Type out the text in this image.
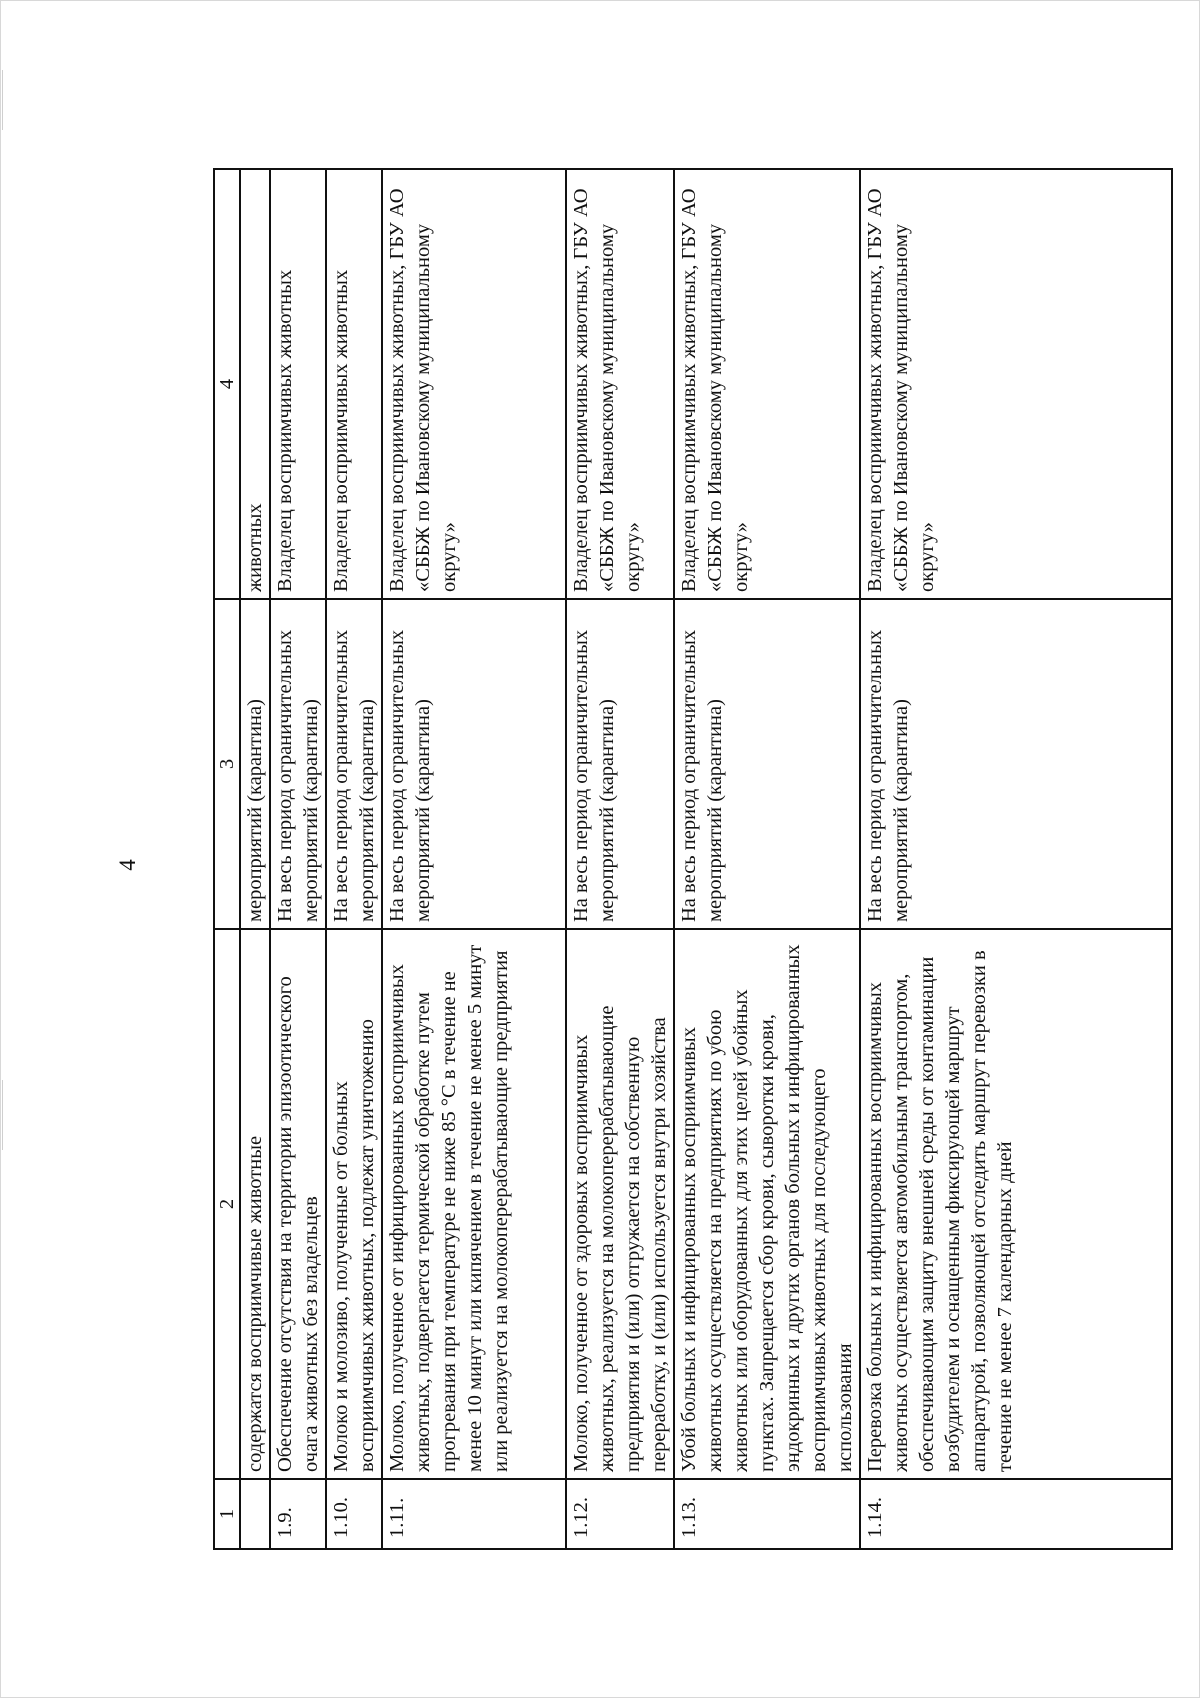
4
1	2	3	4
	содержатся восприимчивые животные	мероприятий (карантина)	животных
1.9.	Обеспечение отсутствия на территории эпизоотического очага животных без владельцев	На весь период ограничительных мероприятий (карантина)	Владелец восприимчивых животных
1.10.	Молоко и молозиво, полученные от больных восприимчивых животных, подлежат уничтожению	На весь период ограничительных мероприятий (карантина)	Владелец восприимчивых животных
1.11.	Молоко, полученное от инфицированных восприимчивых животных, подвергается термической обработке путем прогревания при температуре не ниже 85 °С в течение не менее 10 минут или кипячением в течение не менее 5 минут или реализуется на молокоперерабатывающие предприятия	На весь период ограничительных мероприятий (карантина)	Владелец восприимчивых животных, ГБУ АО «СББЖ по Ивановскому муниципальному округу»
1.12.	Молоко, полученное от здоровых восприимчивых животных, реализуется на молокоперерабатывающие предприятия и (или) отгружается на собственную переработку, и (или) используется внутри хозяйства	На весь период ограничительных мероприятий (карантина)	Владелец восприимчивых животных, ГБУ АО «СББЖ по Ивановскому муниципальному округу»
1.13.	Убой больных и инфицированных восприимчивых животных осуществляется на предприятиях по убою животных или оборудованных для этих целей убойных пунктах. Запрещается сбор крови, сыворотки крови, эндокринных и других органов больных и инфицированных восприимчивых животных для последующего использования	На весь период ограничительных мероприятий (карантина)	Владелец восприимчивых животных, ГБУ АО «СББЖ по Ивановскому муниципальному округу»
1.14.	Перевозка больных и инфицированных восприимчивых животных осуществляется автомобильным транспортом, обеспечивающим защиту внешней среды от контаминации возбудителем и оснащенным фиксирующей маршрут аппаратурой, позволяющей отследить маршрут перевозки в течение не менее 7 календарных дней	На весь период ограничительных мероприятий (карантина)	Владелец восприимчивых животных, ГБУ АО «СББЖ по Ивановскому муниципальному округу»
